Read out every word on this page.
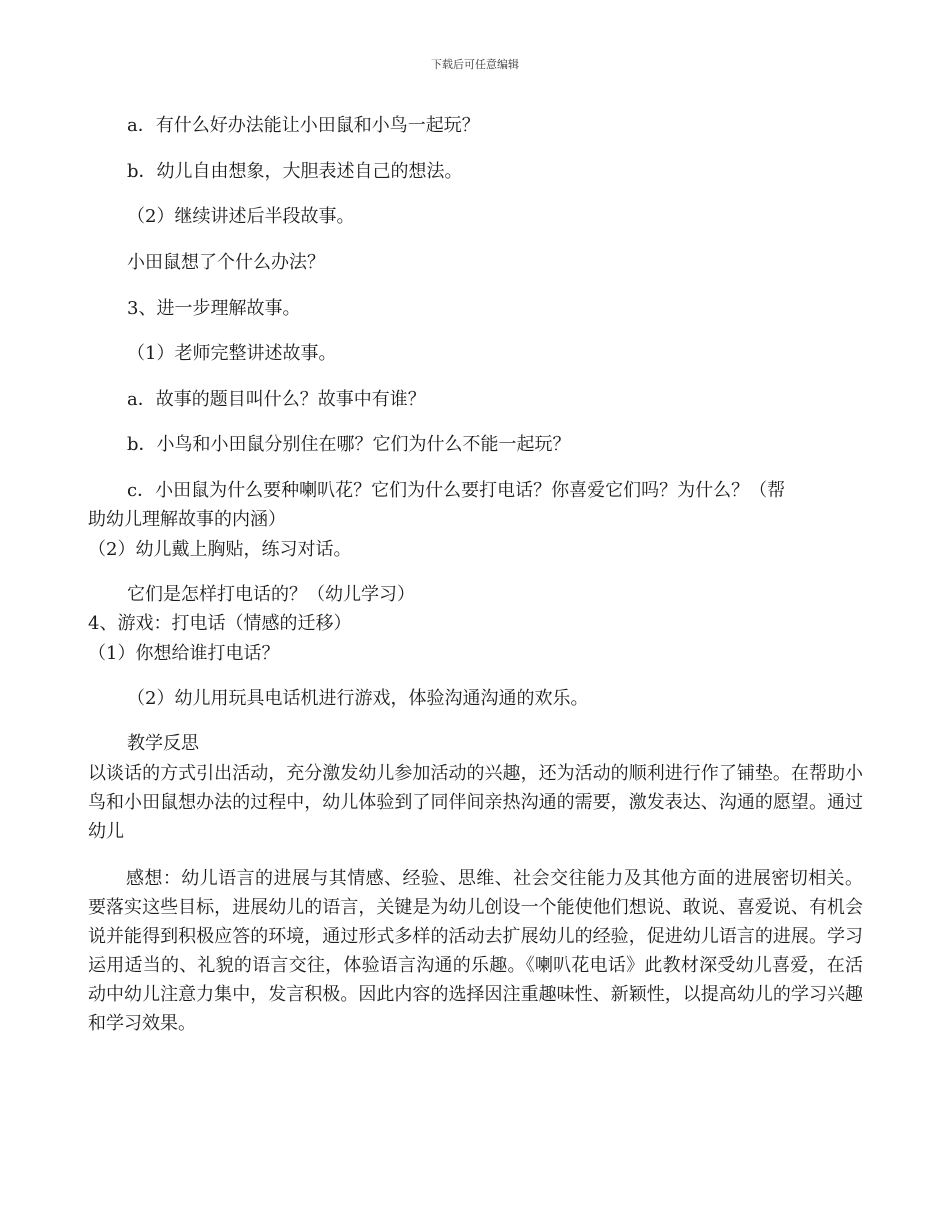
下载后可任意编辑
a．有什么好办法能让小田鼠和小鸟一起玩？
b．幼儿自由想象，大胆表述自己的想法。
（2）继续讲述后半段故事。
小田鼠想了个什么办法？
3、进一步理解故事。
（1）老师完整讲述故事。
a．故事的题目叫什么？故事中有谁？
b．小鸟和小田鼠分别住在哪？它们为什么不能一起玩？
c．小田鼠为什么要种喇叭花？它们为什么要打电话？你喜爱它们吗？为什么？（帮
助幼儿理解故事的内涵）
（2）幼儿戴上胸贴，练习对话。
它们是怎样打电话的？（幼儿学习）
4、游戏：打电话（情感的迁移）
（1）你想给谁打电话？
（2）幼儿用玩具电话机进行游戏，体验沟通沟通的欢乐。
教学反思
以谈话的方式引出活动，充分激发幼儿参加活动的兴趣，还为活动的顺利进行作了铺垫。在帮助小鸟和小田鼠想办法的过程中，幼儿体验到了同伴间亲热沟通的需要，激发表达、沟通的愿望。通过幼儿
感想：幼儿语言的进展与其情感、经验、思维、社会交往能力及其他方面的进展密切相关。要落实这些目标，进展幼儿的语言，关键是为幼儿创设一个能使他们想说、敢说、喜爱说、有机会说并能得到积极应答的环境，通过形式多样的活动去扩展幼儿的经验，促进幼儿语言的进展。学习运用适当的、礼貌的语言交往，体验语言沟通的乐趣。《喇叭花电话》此教材深受幼儿喜爱，在活动中幼儿注意力集中，发言积极。因此内容的选择因注重趣味性、新颖性，以提高幼儿的学习兴趣和学习效果。
